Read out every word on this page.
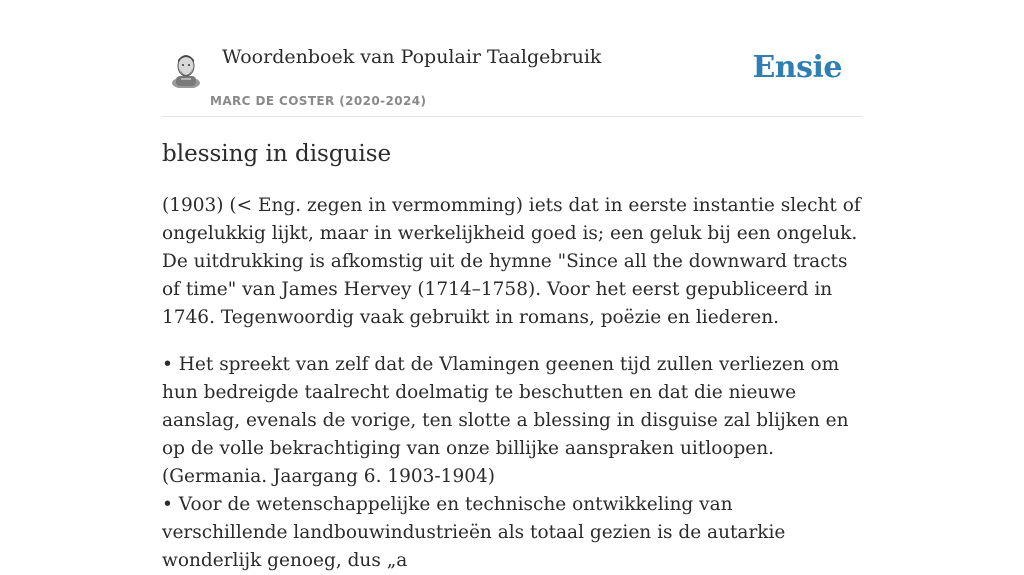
Woordenboek van Populair Taalgebruik
MARC DE COSTER (2020-2024)
Ensie
blessing in disguise

(1903) (< Eng. zegen in vermomming) iets dat in eerste instantie slecht of ongelukkig lijkt, maar in werkelijkheid goed is; een geluk bij een ongeluk. De uitdrukking is afkomstig uit de hymne "Since all the downward tracts of time" van James Hervey (1714–1758). Voor het eerst gepubliceerd in 1746. Tegenwoordig vaak gebruikt in romans, poëzie en liederen.

• Het spreekt van zelf dat de Vlamingen geenen tijd zullen verliezen om hun bedreigde taalrecht doelmatig te beschutten en dat die nieuwe aanslag, evenals de vorige, ten slotte a blessing in disguise zal blijken en op de volle bekrachtiging van onze billijke aanspraken uitloopen. (Germania. Jaargang 6. 1903-1904)
• Voor de wetenschappelijke en technische ontwikkeling van verschillende landbouwindustrieën als totaal gezien is de autarkie wonderlijk genoeg, dus „a
